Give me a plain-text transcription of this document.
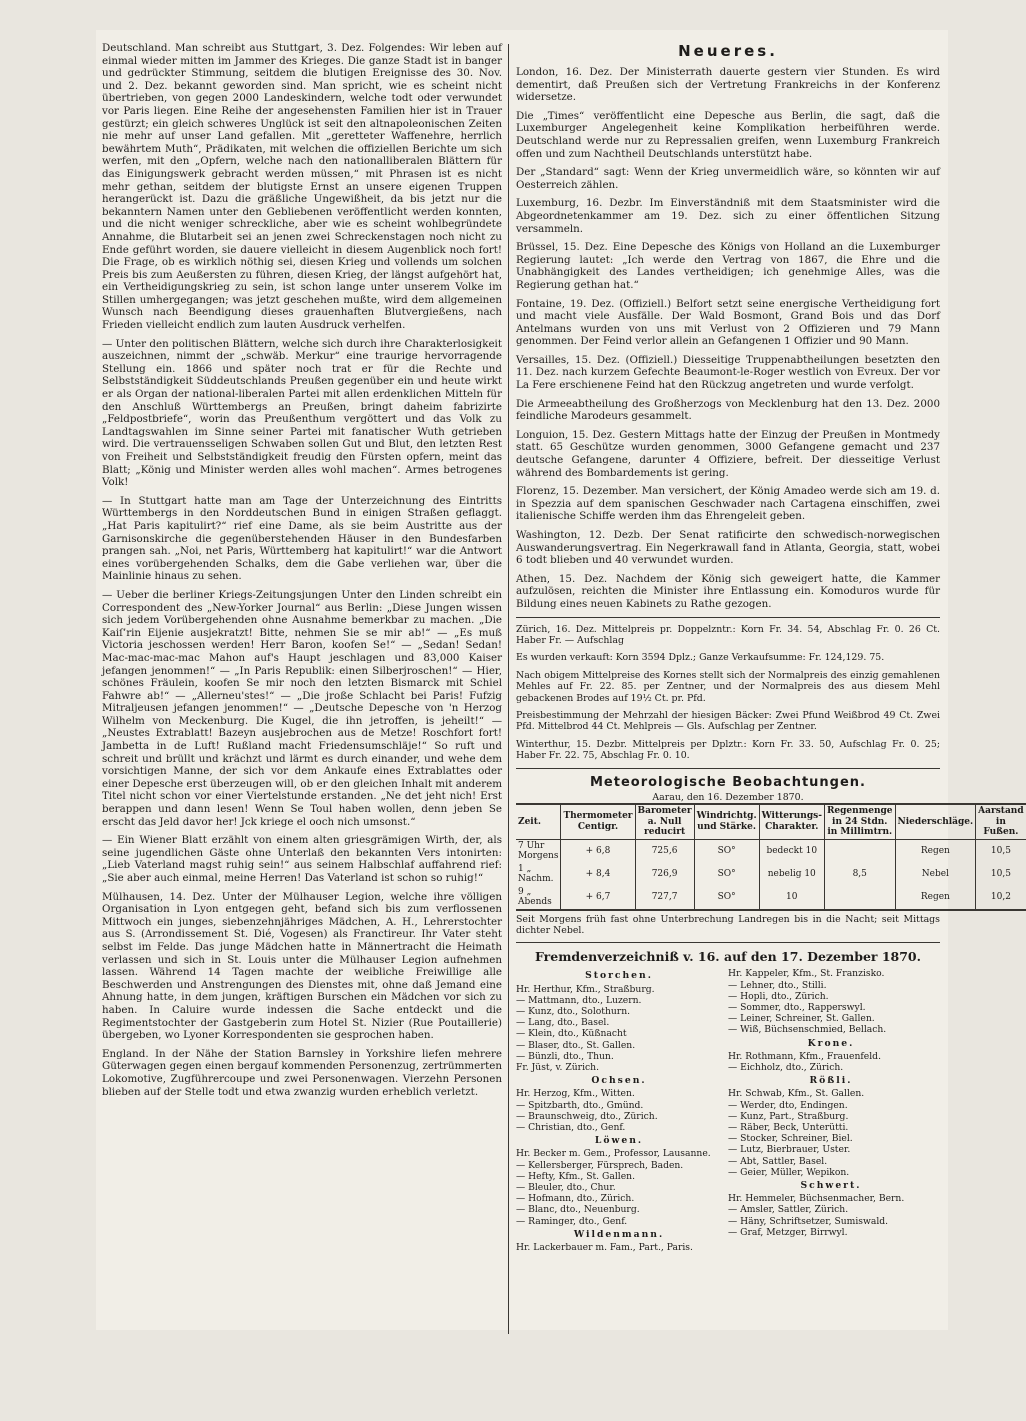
Deutschland. Man schreibt aus Stuttgart, 3. Dez. Folgendes: Wir leben auf einmal wieder mitten im Jammer des Krieges. Die ganze Stadt ist in banger und gedrückter Stimmung, seitdem die blutigen Ereignisse des 30. Nov. und 2. Dez. bekannt geworden sind. Man spricht, wie es scheint nicht übertrieben, von gegen 2000 Landeskindern, welche todt oder verwundet vor Paris liegen. Eine Reihe der angesehensten Familien hier ist in Trauer gestürzt; ein gleich schweres Unglück ist seit den altnapoleonischen Zeiten nie mehr auf unser Land gefallen. Mit „geretteter Waffenehre, herrlich bewährtem Muth“, Prädikaten, mit welchen die offiziellen Berichte um sich werfen, mit den „Opfern, welche nach den nationalliberalen Blättern für das Einigungswerk gebracht werden müssen,“ mit Phrasen ist es nicht mehr gethan, seitdem der blutigste Ernst an unsere eigenen Truppen herangerückt ist. Dazu die gräßliche Ungewißheit, da bis jetzt nur die bekanntern Namen unter den Gebliebenen veröffentlicht werden konnten, und die nicht weniger schreckliche, aber wie es scheint wohlbegründete Annahme, die Blutarbeit sei an jenen zwei Schreckenstagen noch nicht zu Ende geführt worden, sie dauere vielleicht in diesem Augenblick noch fort! Die Frage, ob es wirklich nöthig sei, diesen Krieg und vollends um solchen Preis bis zum Aeußersten zu führen, diesen Krieg, der längst aufgehört hat, ein Vertheidigungskrieg zu sein, ist schon lange unter unserem Volke im Stillen umhergegangen; was jetzt geschehen mußte, wird dem allgemeinen Wunsch nach Beendigung dieses grauenhaften Blutvergießens, nach Frieden vielleicht endlich zum lauten Ausdruck verhelfen.

— Unter den politischen Blättern, welche sich durch ihre Charakterlosigkeit auszeichnen, nimmt der „schwäb. Merkur“ eine traurige hervorragende Stellung ein. 1866 und später noch trat er für die Rechte und Selbstständigkeit Süddeutschlands Preußen gegenüber ein und heute wirkt er als Organ der national-liberalen Partei mit allen erdenklichen Mitteln für den Anschluß Württembergs an Preußen, bringt daheim fabrizirte „Feldpostbriefe“, worin das Preußenthum vergöttert und das Volk zu Landtagswahlen im Sinne seiner Partei mit fanatischer Wuth getrieben wird. Die vertrauensseligen Schwaben sollen Gut und Blut, den letzten Rest von Freiheit und Selbstständigkeit freudig den Fürsten opfern, meint das Blatt; „König und Minister werden alles wohl machen“. Armes betrogenes Volk!

— In Stuttgart hatte man am Tage der Unterzeichnung des Eintritts Württembergs in den Norddeutschen Bund in einigen Straßen geflaggt. „Hat Paris kapitulirt?“ rief eine Dame, als sie beim Austritte aus der Garnisonskirche die gegenüberstehenden Häuser in den Bundesfarben prangen sah. „Noi, net Paris, Württemberg hat kapitulirt!“ war die Antwort eines vorübergehenden Schalks, dem die Gabe verliehen war, über die Mainlinie hinaus zu sehen.

— Ueber die berliner Kriegs-Zeitungsjungen Unter den Linden schreibt ein Correspondent des „New-Yorker Journal“ aus Berlin: „Diese Jungen wissen sich jedem Vorübergehenden ohne Ausnahme bemerkbar zu machen. „Die Kaiſ’rin Eijenie ausjekratzt! Bitte, nehmen Sie se mir ab!“ — „Es muß Victoria jeschossen werden! Herr Baron, koofen Se!“ — „Sedan! Sedan! Mac-mac-mac-mac Mahon auf's Haupt jeschlagen und 83,000 Kaiser jefangen jenommen!“ — „In Paris Republik: einen Silberjroschen!“ — Hier, schönes Fräulein, koofen Se mir noch den letzten Bismarck mit Schiel Fahwre ab!“ — „Allerneu'stes!“ — „Die jroße Schlacht bei Paris! Fufzig Mitraljeusen jefangen jenommen!“ — „Deutsche Depesche von 'n Herzog Wilhelm von Meckenburg. Die Kugel, die ihn jetroffen, is jeheilt!“ — „Neustes Extrablatt! Bazeyn ausjebrochen aus de Metze! Roschfort fort! Jambetta in de Luft! Rußland macht Friedensumschläje!“ So ruft und schreit und brüllt und krächzt und lärmt es durch einander, und wehe dem vorsichtigen Manne, der sich vor dem Ankaufe eines Extrablattes oder einer Depesche erst überzeugen will, ob er den gleichen Inhalt mit anderem Titel nicht schon vor einer Viertelstunde erstanden. „Ne det jeht nich! Erst berappen und dann lesen! Wenn Se Toul haben wollen, denn jeben Se erscht das Jeld davor her! Jck kriege el ooch nich umsonst.“

— Ein Wiener Blatt erzählt von einem alten griesgrämigen Wirth, der, als seine jugendlichen Gäste ohne Unterlaß den bekannten Vers intonirten: „Lieb Vaterland magst ruhig sein!“ aus seinem Halbschlaf auffahrend rief: „Sie aber auch einmal, meine Herren! Das Vaterland ist schon so ruhig!“

Mülhausen, 14. Dez. Unter der Mülhauser Legion, welche ihre völligen Organisation in Lyon entgegen geht, befand sich bis zum verflossenen Mittwoch ein junges, siebenzehnjähriges Mädchen, A. H., Lehrerstochter aus S. (Arrondissement St. Dié, Vogesen) als Franctireur. Ihr Vater steht selbst im Felde. Das junge Mädchen hatte in Männertracht die Heimath verlassen und sich in St. Louis unter die Mülhauser Legion aufnehmen lassen. Während 14 Tagen machte der weibliche Freiwillige alle Beschwerden und Anstrengungen des Dienstes mit, ohne daß Jemand eine Ahnung hatte, in dem jungen, kräftigen Burschen ein Mädchen vor sich zu haben. In Caluire wurde indessen die Sache entdeckt und die Regimentstochter der Gastgeberin zum Hotel St. Nizier (Rue Poutaillerie) übergeben, wo Lyoner Korrespondenten sie gesprochen haben.

England. In der Nähe der Station Barnsley in Yorkshire liefen mehrere Güterwagen gegen einen bergauf kommenden Personenzug, zertrümmerten Lokomotive, Zugführercoupe und zwei Personenwagen. Vierzehn Personen blieben auf der Stelle todt und etwa zwanzig wurden erheblich verletzt.

Neueres.

London, 16. Dez. Der Ministerrath dauerte gestern vier Stunden. Es wird dementirt, daß Preußen sich der Vertretung Frankreichs in der Konferenz widersetze.

Die „Times“ veröffentlicht eine Depesche aus Berlin, die sagt, daß die Luxemburger Angelegenheit keine Komplikation herbeiführen werde. Deutschland werde nur zu Repressalien greifen, wenn Luxemburg Frankreich offen und zum Nachtheil Deutschlands unterstützt habe.

Der „Standard“ sagt: Wenn der Krieg unvermeidlich wäre, so könnten wir auf Oesterreich zählen.

Luxemburg, 16. Dezbr. Im Einverständniß mit dem Staatsminister wird die Abgeordnetenkammer am 19. Dez. sich zu einer öffentlichen Sitzung versammeln.

Brüssel, 15. Dez. Eine Depesche des Königs von Holland an die Luxemburger Regierung lautet: „Ich werde den Vertrag von 1867, die Ehre und die Unabhängigkeit des Landes vertheidigen; ich genehmige Alles, was die Regierung gethan hat.“

Fontaine, 19. Dez. (Offiziell.) Belfort setzt seine energische Vertheidigung fort und macht viele Ausfälle. Der Wald Bosmont, Grand Bois und das Dorf Antelmans wurden von uns mit Verlust von 2 Offizieren und 79 Mann genommen. Der Feind verlor allein an Gefangenen 1 Offizier und 90 Mann.

Versailles, 15. Dez. (Offiziell.) Diesseitige Truppenabtheilungen besetzten den 11. Dez. nach kurzem Gefechte Beaumont-le-Roger westlich von Evreux. Der vor La Fere erschienene Feind hat den Rückzug angetreten und wurde verfolgt.

Die Armeeabtheilung des Großherzogs von Mecklenburg hat den 13. Dez. 2000 feindliche Marodeurs gesammelt.

Longuion, 15. Dez. Gestern Mittags hatte der Einzug der Preußen in Montmedy statt. 65 Geschütze wurden genommen, 3000 Gefangene gemacht und 237 deutsche Gefangene, darunter 4 Offiziere, befreit. Der diesseitige Verlust während des Bombardements ist gering.

Florenz, 15. Dezember. Man versichert, der König Amadeo werde sich am 19. d. in Spezzia auf dem spanischen Geschwader nach Cartagena einschiffen, zwei italienische Schiffe werden ihm das Ehrengeleit geben.

Washington, 12. Dezb. Der Senat ratificirte den schwedisch-norwegischen Auswanderungsvertrag. Ein Negerkrawall fand in Atlanta, Georgia, statt, wobei 6 todt blieben und 40 verwundet wurden.

Athen, 15. Dez. Nachdem der König sich geweigert hatte, die Kammer aufzulösen, reichten die Minister ihre Entlassung ein. Komoduros wurde für Bildung eines neuen Kabinets zu Rathe gezogen.

Zürich, 16. Dez. Mittelpreis pr. Doppelzntr.: Korn Fr. 34. 54, Abschlag Fr. 0. 26 Ct. Haber Fr. — Aufschlag

Es wurden verkauft: Korn 3594 Dplz.; Ganze Verkaufsumme: Fr. 124,129. 75.

Nach obigem Mittelpreise des Kornes stellt sich der Normalpreis des einzig gemahlenen Mehles auf Fr. 22. 85. per Zentner, und der Normalpreis des aus diesem Mehl gebackenen Brodes auf 19½ Ct. pr. Pfd.

Preisbestimmung der Mehrzahl der hiesigen Bäcker: Zwei Pfund Weißbrod 49 Ct. Zwei Pfd. Mittelbrod 44 Ct. Mehlpreis — Gls. Aufschlag per Zentner.

Winterthur, 15. Dezbr. Mittelpreis per Dplztr.: Korn Fr. 33. 50, Aufschlag Fr. 0. 25; Haber Fr. 22. 75, Abschlag Fr. 0. 10.

Meteorologische Beobachtungen.
Aarau, den 16. Dezember 1870.
Zeit.	Thermometer Centigr.	Barometer a. Null reducirt	Windrichtg. und Stärke.	Witterungs-Charakter.	Regenmenge in 24 Stdn. in Millimtrn.	Niederschläge.	Aarstand in Fußen.
7 Uhr Morgens	+ 6,8	725,6	SO°	bedeckt 10		Regen	10,5
1 „ Nachm.	+ 8,4	726,9	SO°	nebelig 10	8,5	Nebel	10,5
9 „ Abends	+ 6,7	727,7	SO°	10		Regen	10,2

Seit Morgens früh fast ohne Unterbrechung Landregen bis in die Nacht; seit Mittags dichter Nebel.

Fremdenverzeichniß v. 16. auf den 17. Dezember 1870.
Storchen.
Hr. Herthur, Kfm., Straßburg.
— Mattmann, dto., Luzern.
— Kunz, dto., Solothurn.
— Lang, dto., Basel.
— Klein, dto., Küßnacht
— Blaser, dto., St. Gallen.
— Bünzli, dto., Thun.
Fr. Jüst, v. Zürich.
Ochsen.
Hr. Herzog, Kfm., Witten.
— Spitzbarth, dto., Gmünd.
— Braunschweig, dto., Zürich.
— Christian, dto., Genf.
Löwen.
Hr. Becker m. Gem., Professor, Lausanne.
— Kellersberger, Fürsprech, Baden.
— Hefty, Kfm., St. Gallen.
— Bleuler, dto., Chur.
— Hofmann, dto., Zürich.
— Blanc, dto., Neuenburg.
— Raminger, dto., Genf.
Wildenmann.
Hr. Lackerbauer m. Fam., Part., Paris.
Hr. Kappeler, Kfm., St. Franzisko.
— Lehner, dto., Stilli.
— Hopli, dto., Zürich.
— Sommer, dto., Rapperswyl.
— Leiner, Schreiner, St. Gallen.
— Wiß, Büchsenschmied, Bellach.
Krone.
Hr. Rothmann, Kfm., Frauenfeld.
— Eichholz, dto., Zürich.
Rößli.
Hr. Schwab, Kfm., St. Gallen.
— Werder, dto, Endingen.
— Kunz, Part., Straßburg.
— Räber, Beck, Unterütti.
— Stocker, Schreiner, Biel.
— Lutz, Bierbrauer, Uster.
— Abt, Sattler, Basel.
— Geier, Müller, Wepikon.
Schwert.
Hr. Hemmeler, Büchsenmacher, Bern.
— Amsler, Sattler, Zürich.
— Häny, Schriftsetzer, Sumiswald.
— Graf, Metzger, Birrwyl.
